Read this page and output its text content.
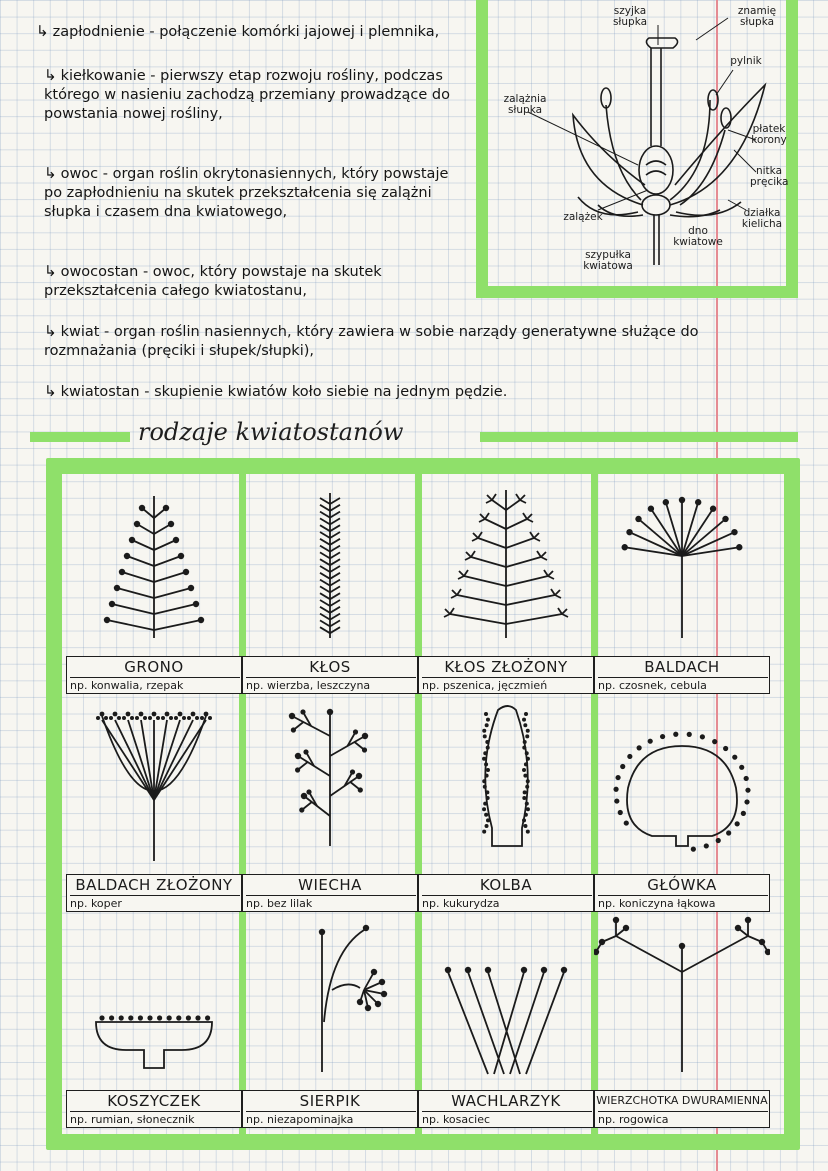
↳ zapłodnienie - połączenie komórki jajowej i plemnika,
↳ kiełkowanie - pierwszy etap rozwoju rośliny, podczas którego w nasieniu zachodzą przemiany prowadzące do powstania nowej rośliny,
↳ owoc - organ roślin okrytonasiennych, który powstaje po zapłodnieniu na skutek przekształcenia się zalążni słupka i czasem dna kwiatowego,
↳ owocostan - owoc, który powstaje na skutek przekształcenia całego kwiatostanu,
↳ kwiat - organ roślin nasiennych, który zawiera w sobie narządy generatywne służące do rozmnażania (pręciki i słupek/słupki),
↳ kwiatostan - skupienie kwiatów koło siebie na jednym pędzie.
szyjka słupka
znamię słupka
pylnik
zalążnia słupka
płatek korony
nitka pręcika
zalążek
dno kwiatowe
działka kielicha
szypułka kwiatowa
rodzaje kwiatostanów
GRONO
np. konwalia, rzepak
KŁOS
np. wierzba, leszczyna
KŁOS ZŁOŻONY
np. pszenica, jęczmień
BALDACH
np. czosnek, cebula
BALDACH ZŁOŻONY
np. koper
WIECHA
np. bez lilak
KOLBA
np. kukurydza
GŁÓWKA
np. koniczyna łąkowa
KOSZYCZEK
np. rumian, słonecznik
SIERPIK
np. niezapominajka
WACHLARZYK
np. kosaciec
WIERZCHOTKA DWURAMIENNA
np. rogowica
